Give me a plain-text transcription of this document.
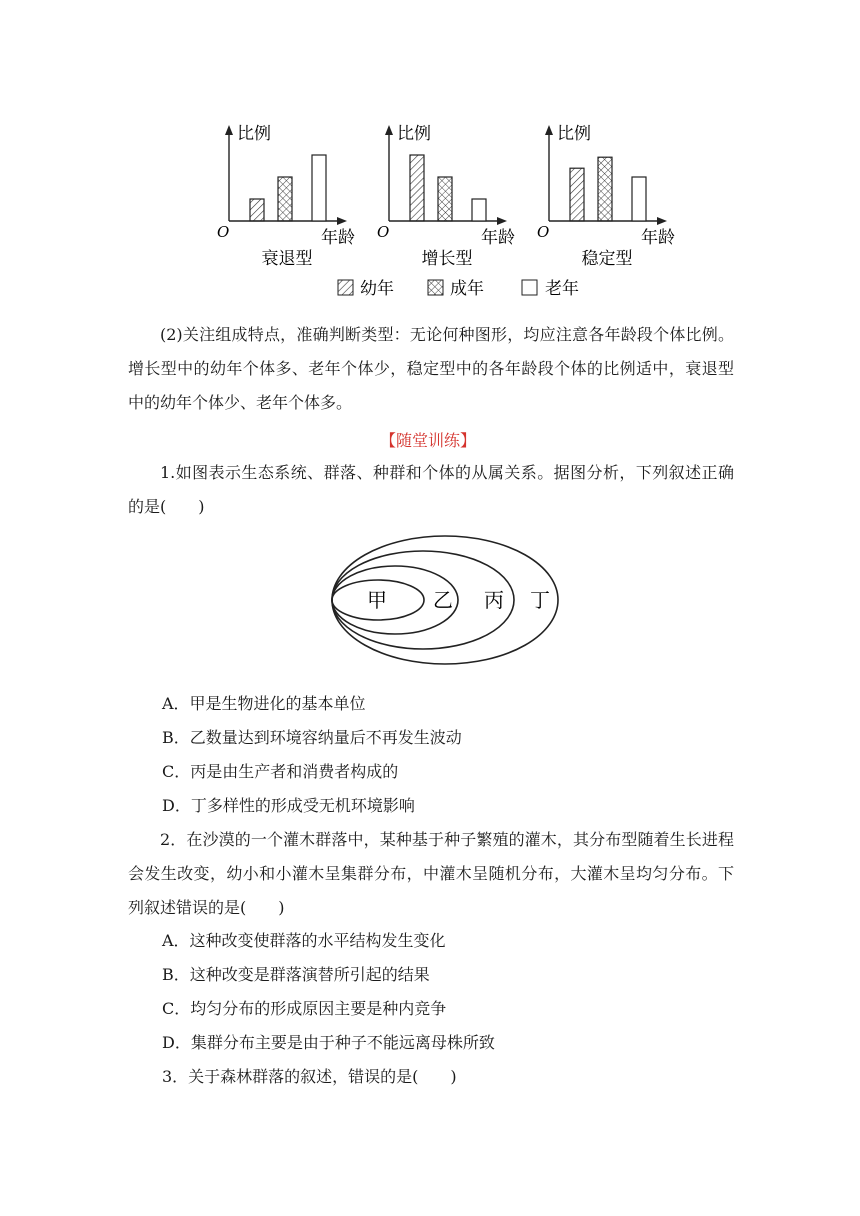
比例
年龄
O
衰退型
比例
年龄
O
增长型
比例
年龄
O
稳定型
幼年	成年	老年

(2)关注组成特点，准确判断类型：无论何种图形，均应注意各年龄段个体比例。增长型中的幼年个体多、老年个体少，稳定型中的各年龄段个体的比例适中，衰退型中的幼年个体少、老年个体多。

【随堂训练】

1.如图表示生态系统、群落、种群和个体的从属关系。据图分析，下列叙述正确的是(　　)

甲 乙 丙 丁

A．甲是生物进化的基本单位

B．乙数量达到环境容纳量后不再发生波动

C．丙是由生产者和消费者构成的

D．丁多样性的形成受无机环境影响

2．在沙漠的一个灌木群落中，某种基于种子繁殖的灌木，其分布型随着生长进程会发生改变，幼小和小灌木呈集群分布，中灌木呈随机分布，大灌木呈均匀分布。下列叙述错误的是(　　)

A．这种改变使群落的水平结构发生变化

B．这种改变是群落演替所引起的结果

C．均匀分布的形成原因主要是种内竞争

D．集群分布主要是由于种子不能远离母株所致

3．关于森林群落的叙述，错误的是(　　)
